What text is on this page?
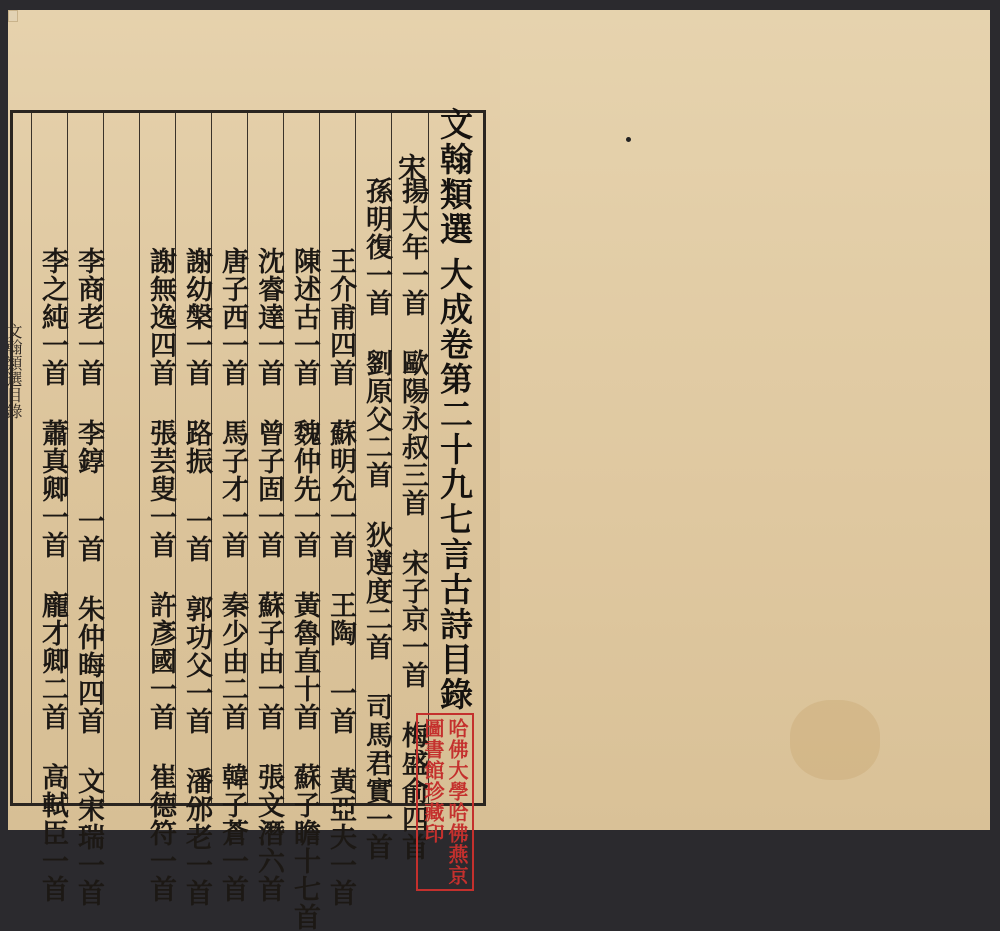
文翰類選大成卷第二十九七言古詩目錄
宋
揚大年一首 歐陽永叔三首 宋子京一首 梅盛俞四首
孫明復一首 劉原父二首 狄遵度二首 司馬君實一首
王介甫四首 蘇明允一首 王陶 一首 黃亞夫一首
陳述古一首 魏仲先一首 黃魯直十首 蘇子瞻十七首
沈睿達一首 曾子固一首 蘇子由一首 張文潛六首
唐子西一首 馬子才一首 秦少由二首 韓子蒼一首
謝幼槃一首 路振 一首 郭功父一首 潘邠老一首
謝無逸四首 張芸叟一首 許彥國一首 崔德符一首
李商老一首 李錞 一首 朱仲晦四首 文宋瑞一首
李之純一首 蕭真卿一首 龐才卿二首 高軾臣一首
文翰類選目錄
哈佛大學哈佛燕京
圖書館珍藏印
